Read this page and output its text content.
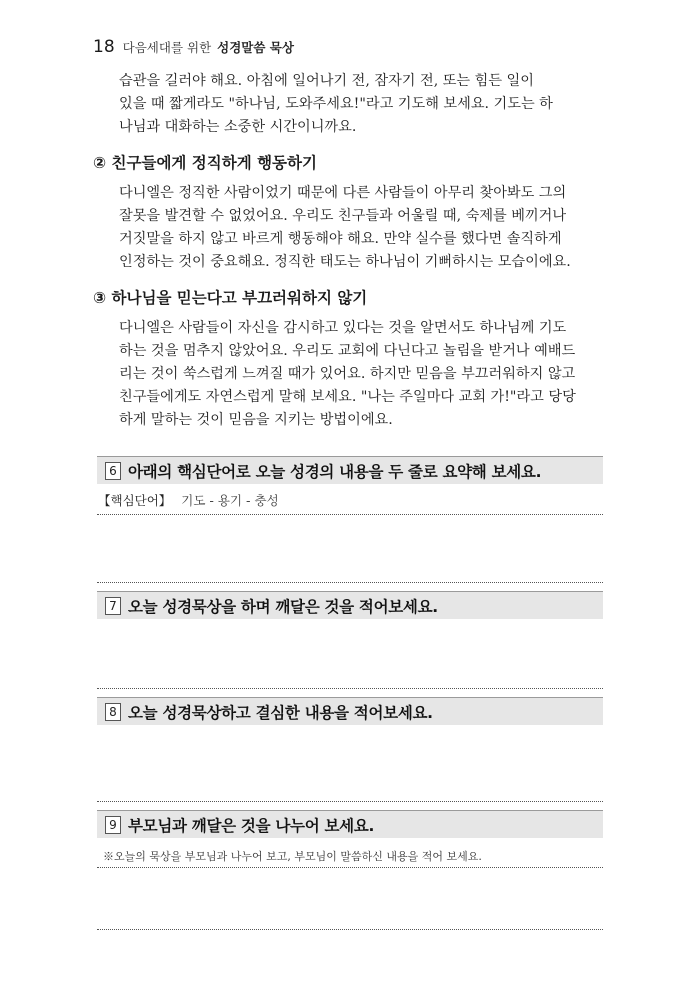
18 다음세대를 위한 성경말씀 묵상
습관을 길러야 해요. 아침에 일어나기 전, 잠자기 전, 또는 힘든 일이
있을 때 짧게라도 "하나님, 도와주세요!"라고 기도해 보세요. 기도는 하
나님과 대화하는 소중한 시간이니까요.
② 친구들에게 정직하게 행동하기
다니엘은 정직한 사람이었기 때문에 다른 사람들이 아무리 찾아봐도 그의
잘못을 발견할 수 없었어요. 우리도 친구들과 어울릴 때, 숙제를 베끼거나
거짓말을 하지 않고 바르게 행동해야 해요. 만약 실수를 했다면 솔직하게
인정하는 것이 중요해요. 정직한 태도는 하나님이 기뻐하시는 모습이에요.
③ 하나님을 믿는다고 부끄러워하지 않기
다니엘은 사람들이 자신을 감시하고 있다는 것을 알면서도 하나님께 기도
하는 것을 멈추지 않았어요. 우리도 교회에 다닌다고 놀림을 받거나 예배드
리는 것이 쑥스럽게 느껴질 때가 있어요. 하지만 믿음을 부끄러워하지 않고
친구들에게도 자연스럽게 말해 보세요. "나는 주일마다 교회 가!"라고 당당
하게 말하는 것이 믿음을 지키는 방법이에요.
6 아래의 핵심단어로 오늘 성경의 내용을 두 줄로 요약해 보세요.
【핵심단어】 기도 - 용기 - 충성
7 오늘 성경묵상을 하며 깨달은 것을 적어보세요.
8 오늘 성경묵상하고 결심한 내용을 적어보세요.
9 부모님과 깨달은 것을 나누어 보세요.
※오늘의 묵상을 부모님과 나누어 보고, 부모님이 말씀하신 내용을 적어 보세요.
